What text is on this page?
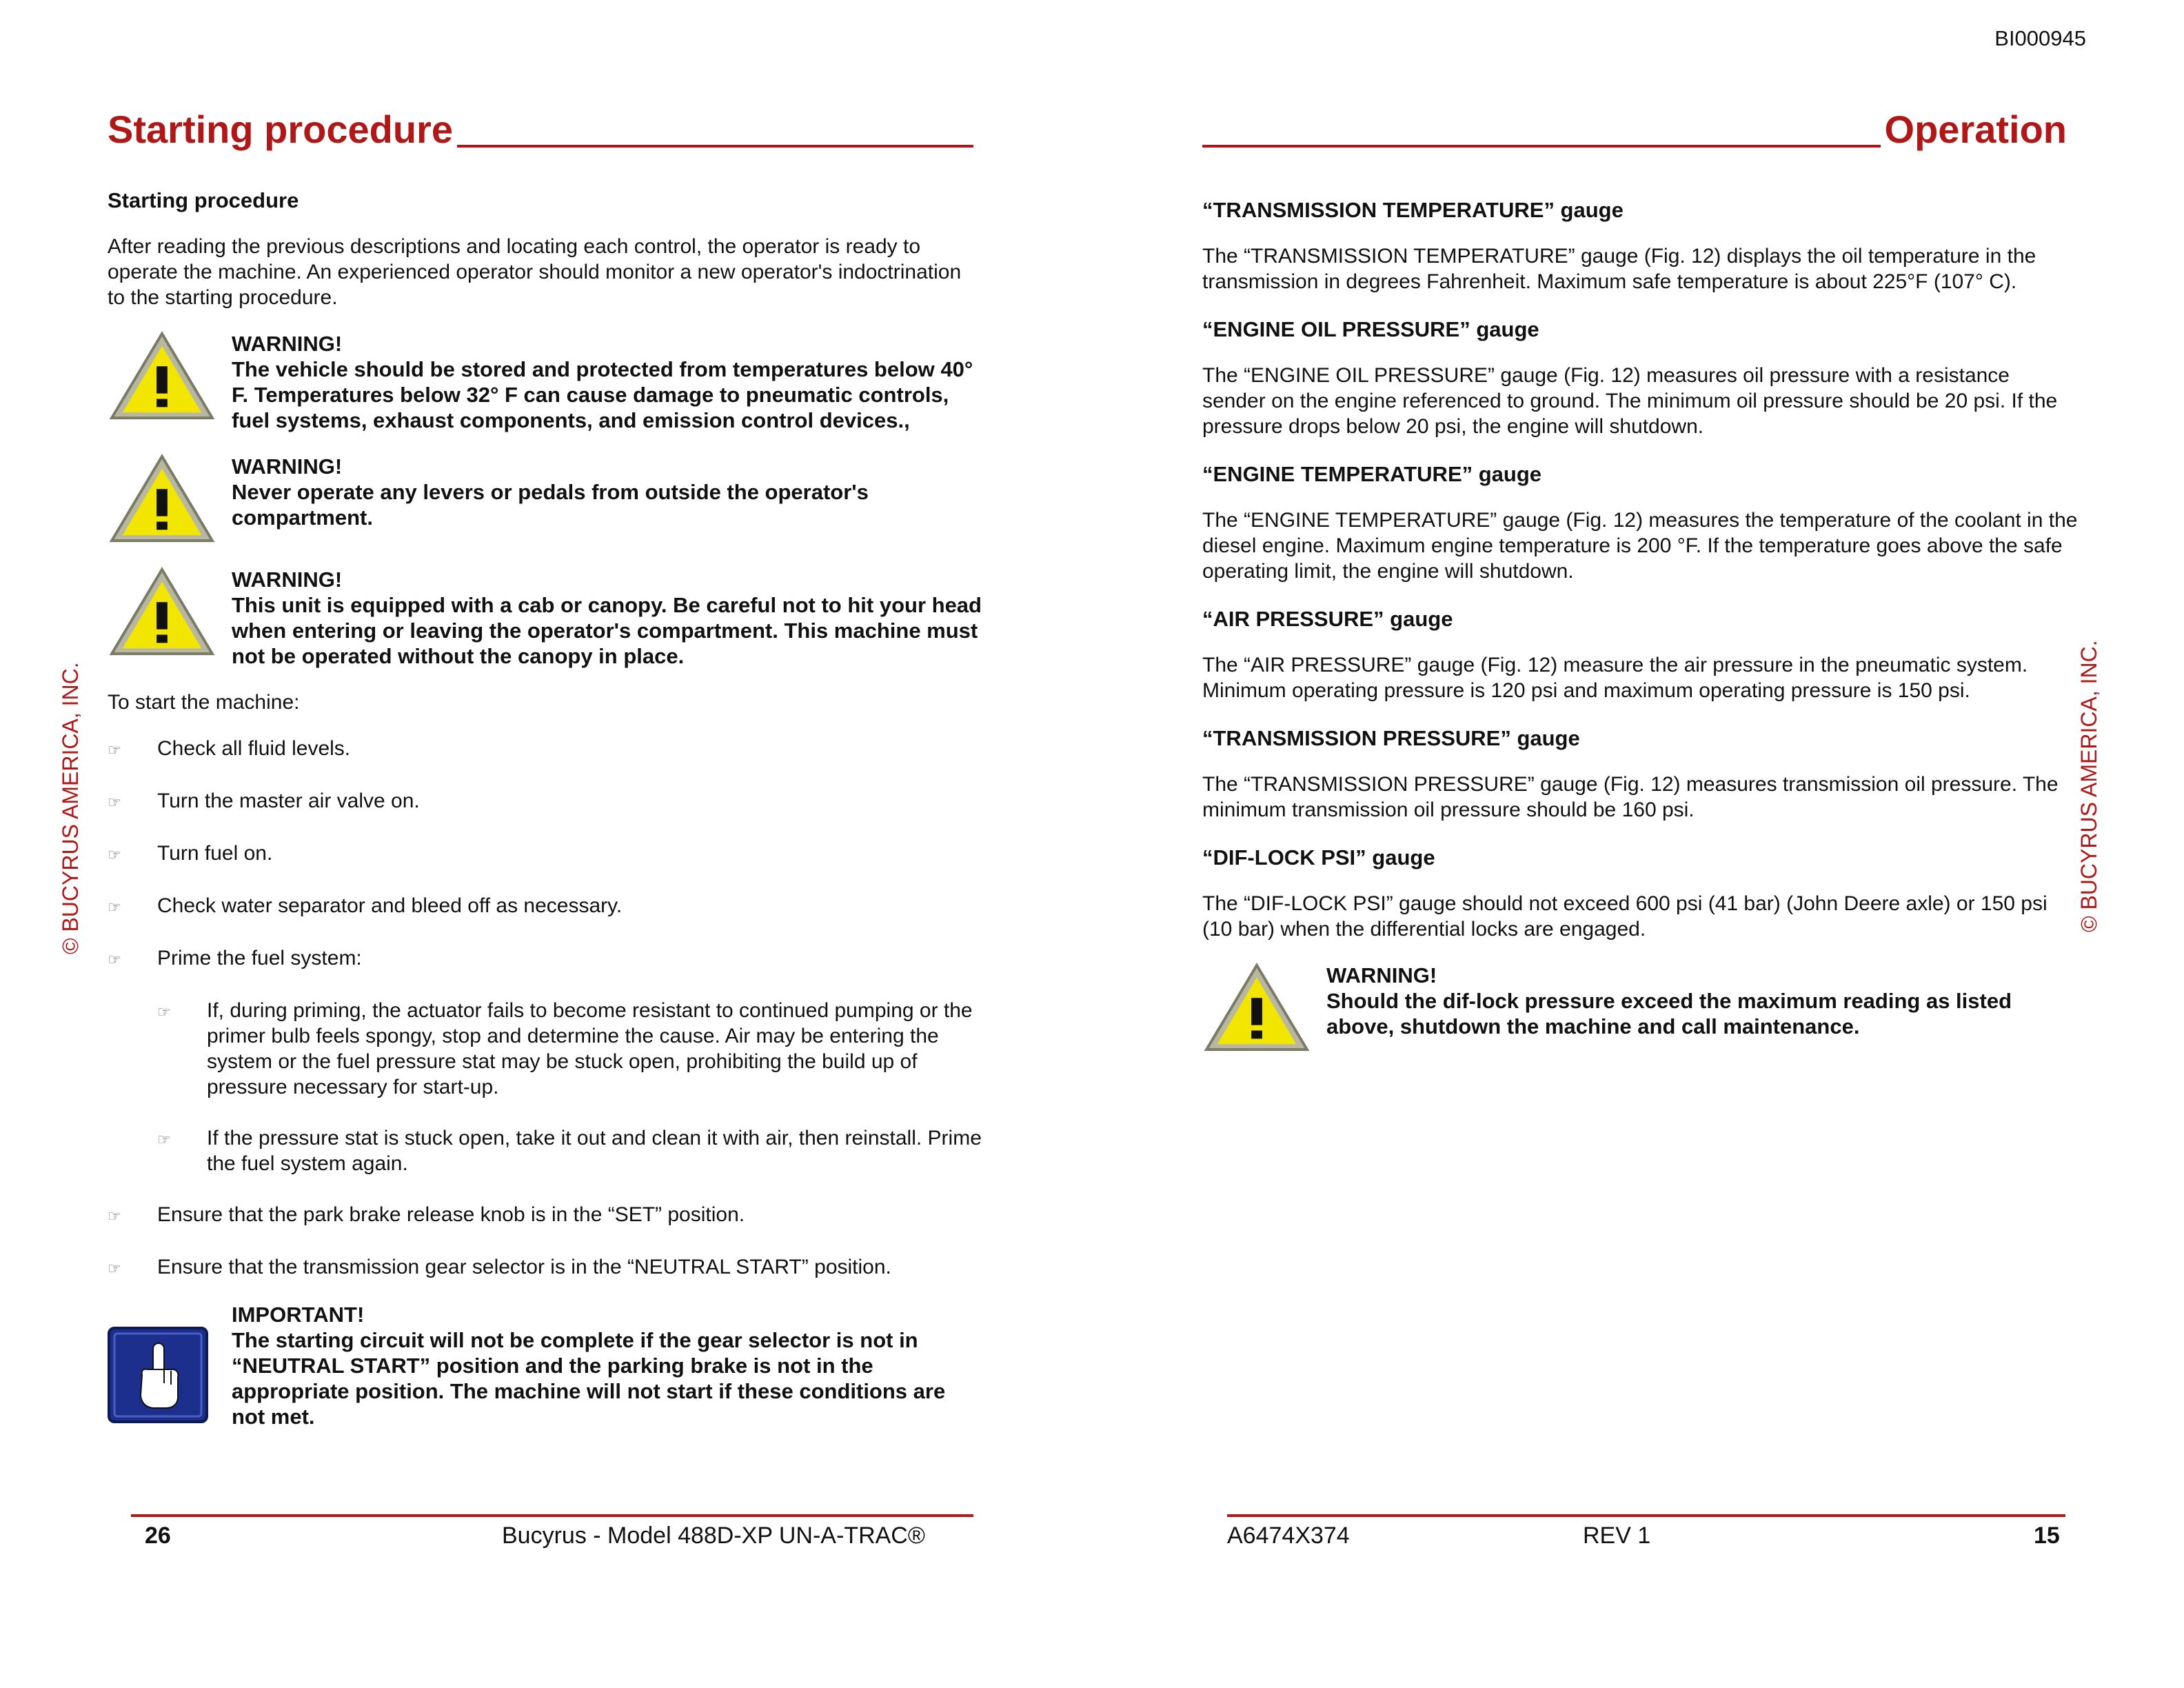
Starting procedure

Starting procedure

After reading the previous descriptions and locating each control, the operator is ready to operate the machine. An experienced operator should monitor a new operator's indoctrination to the starting procedure.

WARNING!
The vehicle should be stored and protected from temperatures below 40° F. Temperatures below 32° F can cause damage to pneumatic controls, fuel systems, exhaust components, and emission control devices.,
WARNING!
Never operate any levers or pedals from outside the operator's compartment.
WARNING!
This unit is equipped with a cab or canopy. Be careful not to hit your head when entering or leaving the operator's compartment. This machine must not be operated without the canopy in place.

To start the machine:

☞	Check all fluid levels.
☞	Turn the master air valve on.
☞	Turn fuel on.
☞	Check water separator and bleed off as necessary.
☞	Prime the fuel system:
☞	If, during priming, the actuator fails to become resistant to continued pumping or the primer bulb feels spongy, stop and determine the cause. Air may be entering the system or the fuel pressure stat may be stuck open, prohibiting the build up of pressure necessary for start-up.
☞	If the pressure stat is stuck open, take it out and clean it with air, then reinstall. Prime the fuel system again.
☞	Ensure that the park brake release knob is in the “SET” position.
☞	Ensure that the transmission gear selector is in the “NEUTRAL START” position.
IMPORTANT!
The starting circuit will not be complete if the gear selector is not in “NEUTRAL START” position and the parking brake is not in the appropriate position. The machine will not start if these conditions are not met.
26	Bucyrus - Model 488D-XP UN-A-TRAC®
© BUCYRUS AMERICA, INC.
BI000945
Operation

“TRANSMISSION TEMPERATURE” gauge

The “TRANSMISSION TEMPERATURE” gauge (Fig. 12) displays the oil temperature in the transmission in degrees Fahrenheit. Maximum safe temperature is about 225°F (107° C).

“ENGINE OIL PRESSURE” gauge

The “ENGINE OIL PRESSURE” gauge (Fig. 12) measures oil pressure with a resistance sender on the engine referenced to ground. The minimum oil pressure should be 20 psi. If the pressure drops below 20 psi, the engine will shutdown.

“ENGINE TEMPERATURE” gauge

The “ENGINE TEMPERATURE” gauge (Fig. 12) measures the temperature of the coolant in the diesel engine. Maximum engine temperature is 200 °F. If the temperature goes above the safe operating limit, the engine will shutdown.

“AIR PRESSURE” gauge

The “AIR PRESSURE” gauge (Fig. 12) measure the air pressure in the pneumatic system. Minimum operating pressure is 120 psi and maximum operating pressure is 150 psi.

“TRANSMISSION PRESSURE” gauge

The “TRANSMISSION PRESSURE” gauge (Fig. 12) measures transmission oil pressure. The minimum transmission oil pressure should be 160 psi.

“DIF-LOCK PSI” gauge

The “DIF-LOCK PSI” gauge should not exceed 600 psi (41 bar) (John Deere axle) or 150 psi (10 bar) when the differential locks are engaged.

WARNING!
Should the dif-lock pressure exceed the maximum reading as listed above, shutdown the machine and call maintenance.
A6474X374	REV 1	15
© BUCYRUS AMERICA, INC.
